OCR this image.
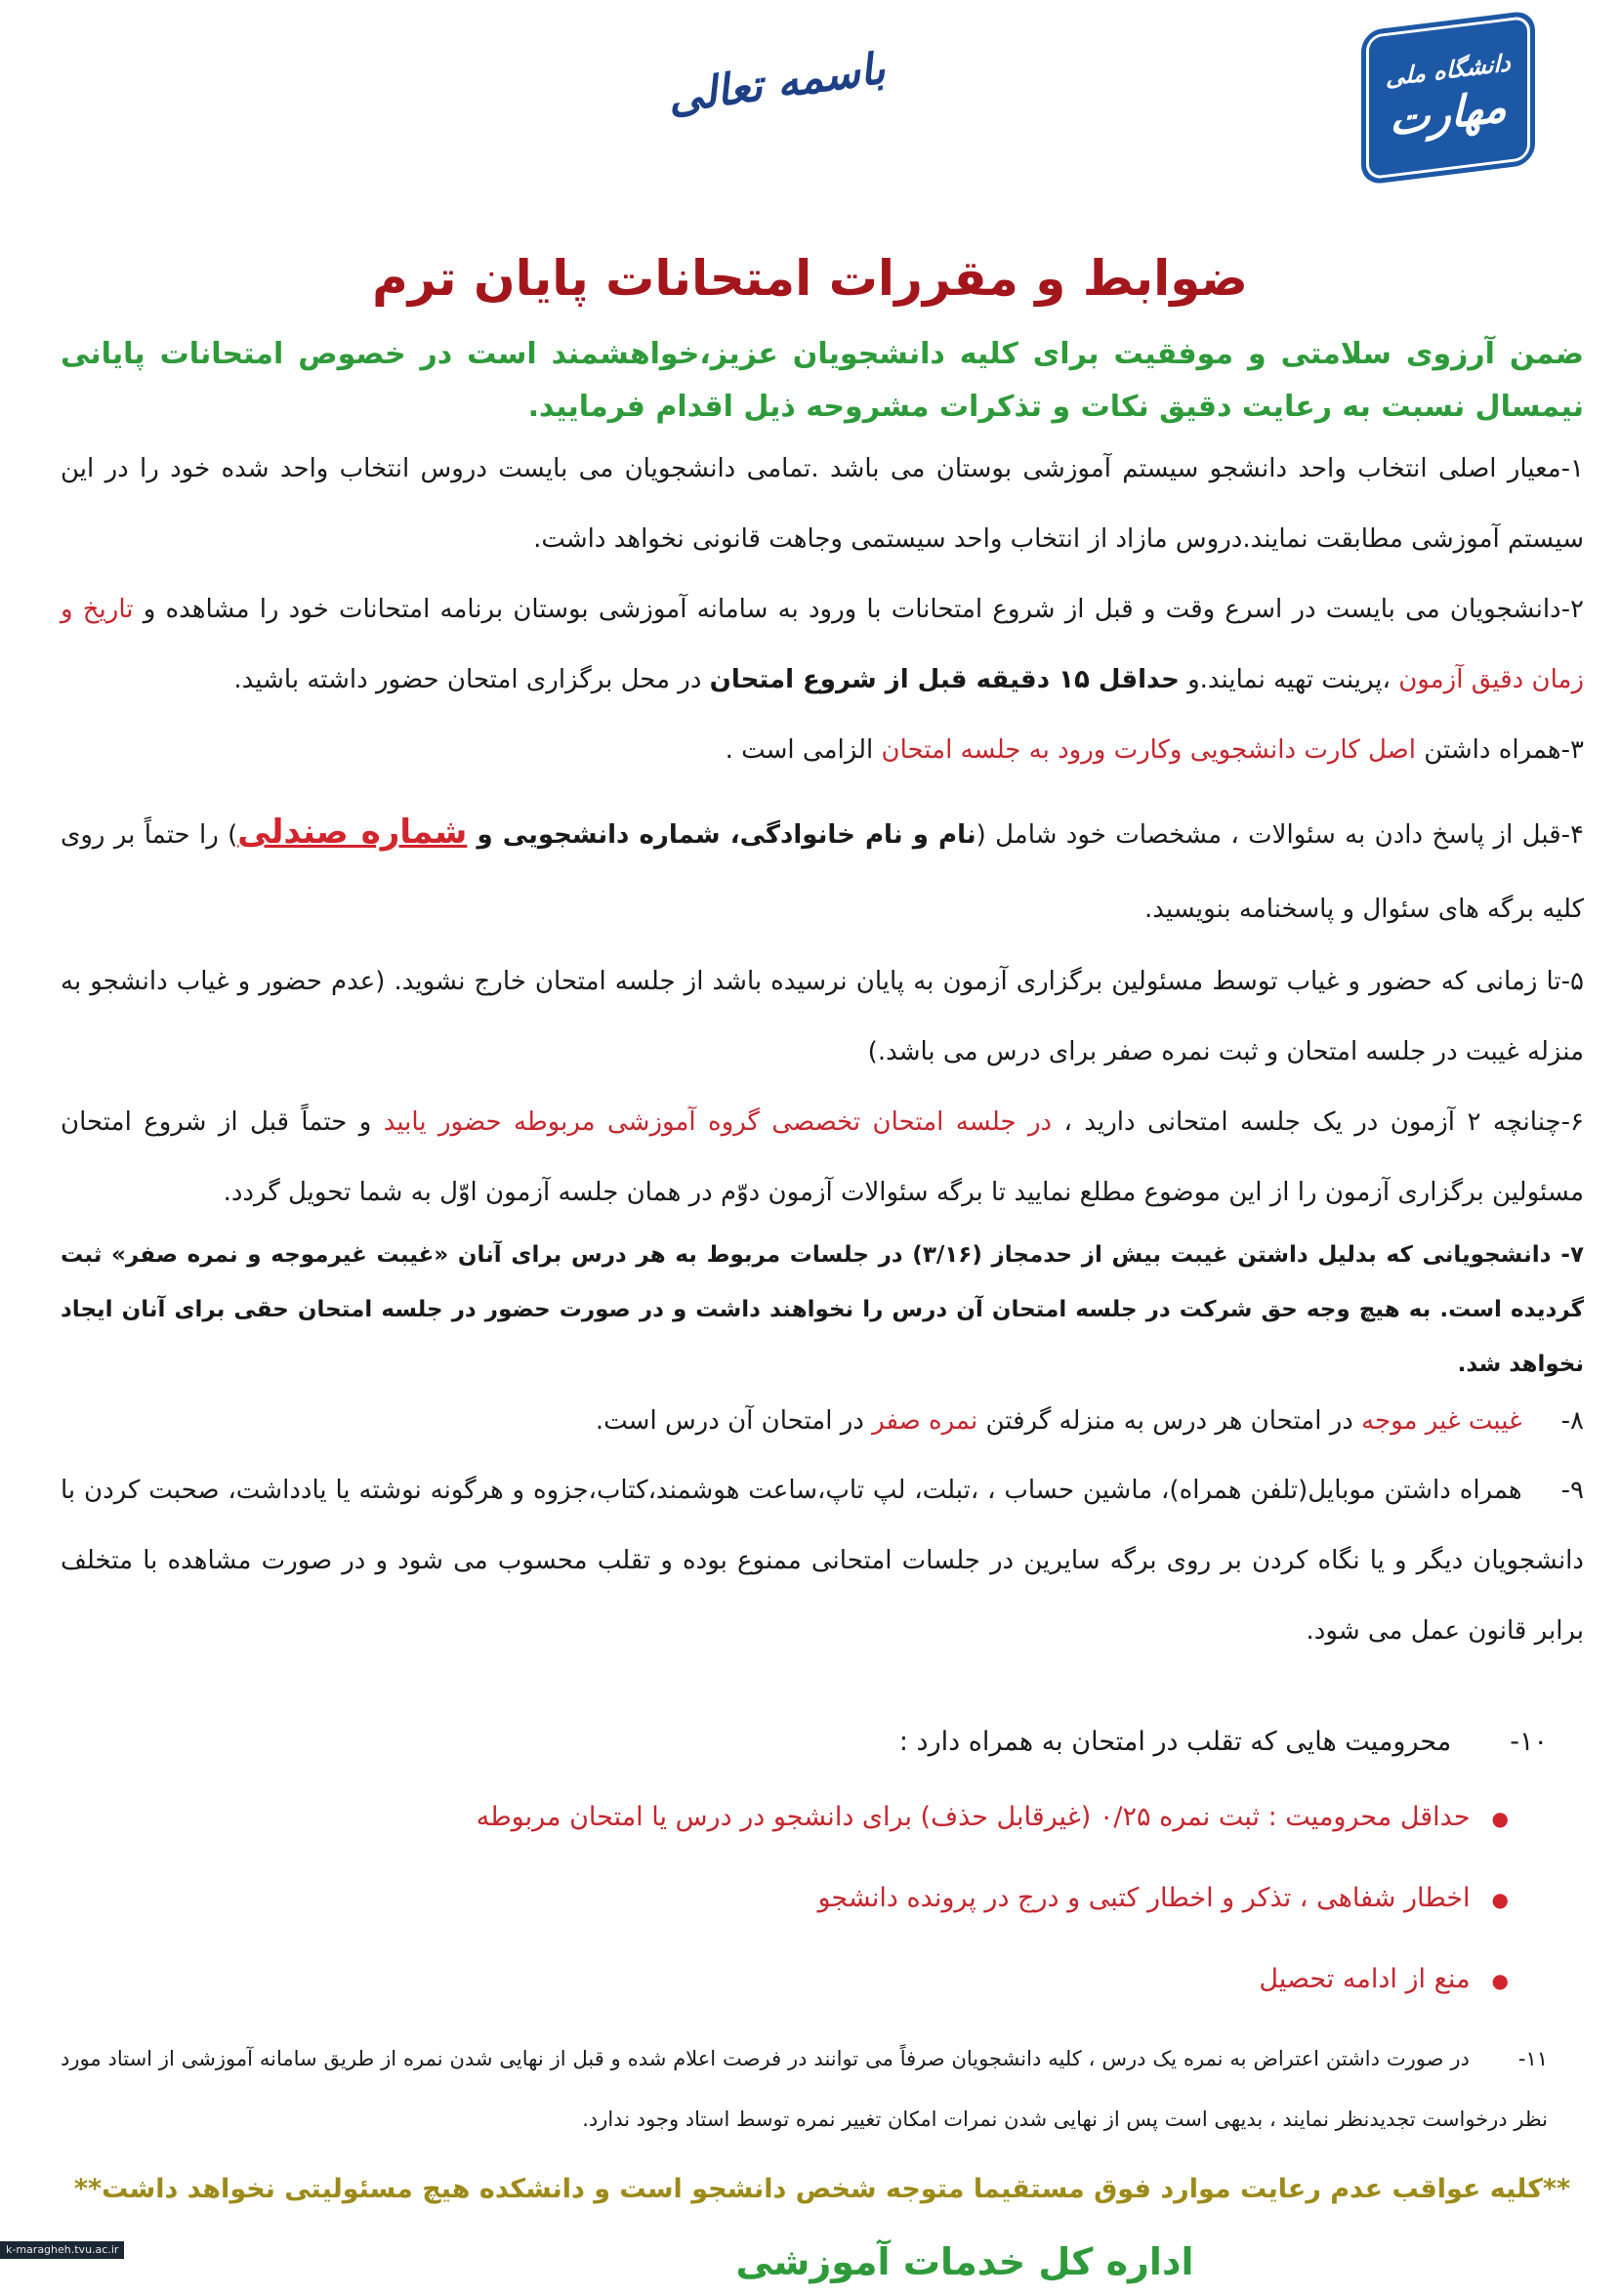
دانشگاه ملی
مهارت
باسمه تعالی
ضوابط و مقررات امتحانات پایان ترم

ضمن آرزوی سلامتی و موفقیت برای کلیه دانشجویان عزیز،خواهشمند است در خصوص امتحانات پایانی نیمسال نسبت به رعایت دقیق نکات و تذکرات مشروحه ذیل اقدام فرمایید.

۱-معیار اصلی انتخاب واحد دانشجو سیستم آموزشی بوستان می باشد .تمامی دانشجویان می بایست دروس انتخاب واحد شده خود را در این سیستم آموزشی مطابقت نمایند.دروس مازاد از انتخاب واحد سیستمی وجاهت قانونی نخواهد داشت.

۲-دانشجویان می بایست در اسرع وقت و قبل از شروع امتحانات با ورود به سامانه آموزشی بوستان برنامه امتحانات خود را مشاهده و تاریخ و زمان دقیق آزمون ،پرینت تهیه نمایند.و حداقل ۱۵ دقیقه قبل از شروع امتحان در محل برگزاری امتحان حضور داشته باشید.

۳-همراه داشتن اصل کارت دانشجویی وکارت ورود به جلسه امتحان الزامی است .

۴-قبل از پاسخ دادن به سئوالات ، مشخصات خود شامل (نام و نام خانوادگی، شماره دانشجویی و شماره صندلی) را حتماً بر روی کلیه برگه های سئوال و پاسخنامه بنویسید.

۵-تا زمانی که حضور و غیاب توسط مسئولین برگزاری آزمون به پایان نرسیده باشد از جلسه امتحان خارج نشوید. (عدم حضور و غیاب دانشجو به منزله غیبت در جلسه امتحان و ثبت نمره صفر برای درس می باشد.)

۶-چنانچه ۲ آزمون در یک جلسه امتحانی دارید ، در جلسه امتحان تخصصی گروه آموزشی مربوطه حضور یابید و حتماً قبل از شروع امتحان مسئولین برگزاری آزمون را از این موضوع مطلع نمایید تا برگه سئوالات آزمون دوّم در همان جلسه آزمون اوّل به شما تحویل گردد.

۷-دانشجویانی که بدلیل داشتن غیبت بیش از حدمجاز (۳/۱۶) در جلسات مربوط به هر درس برای آنان «غیبت غیرموجه و نمره صفر» ثبت گردیده است. به هیچ وجه حق شرکت در جلسه امتحان آن درس را نخواهند داشت و در صورت حضور در جلسه امتحان حقی برای آنان ایجاد نخواهد شد.

۸-غیبت غیر موجه در امتحان هر درس به منزله گرفتن نمره صفر در امتحان آن درس است.

۹-همراه داشتن موبایل(تلفن همراه)، ماشین حساب ، ،تبلت، لپ تاپ،ساعت هوشمند،کتاب،جزوه و هرگونه نوشته یا یادداشت، صحبت کردن با دانشجویان دیگر و یا نگاه کردن بر روی برگه سایرین در جلسات امتحانی ممنوع بوده و تقلب محسوب می شود و در صورت مشاهده با متخلف برابر قانون عمل می شود.

۱۰-محرومیت هایی که تقلب در امتحان به همراه دارد :

●حداقل محرومیت : ثبت نمره ۰/۲۵ (غیرقابل حذف) برای دانشجو در درس یا امتحان مربوطه
●اخطار شفاهی ، تذکر و اخطار کتبی و درج در پرونده دانشجو
●منع از ادامه تحصیل

۱۱-در صورت داشتن اعتراض به نمره یک درس ، کلیه دانشجویان صرفاً می توانند در فرصت اعلام شده و قبل از نهایی شدن نمره از طریق سامانه آموزشی از استاد مورد نظر درخواست تجدیدنظر نمایند ، بدیهی است پس از نهایی شدن نمرات امکان تغییر نمره توسط استاد وجود ندارد.

**کلیه عواقب عدم رعایت موارد فوق مستقیما متوجه شخص دانشجو است و دانشکده هیچ مسئولیتی نخواهد داشت**

اداره کل خدمات آموزشی

k-maragheh.tvu.ac.ir
